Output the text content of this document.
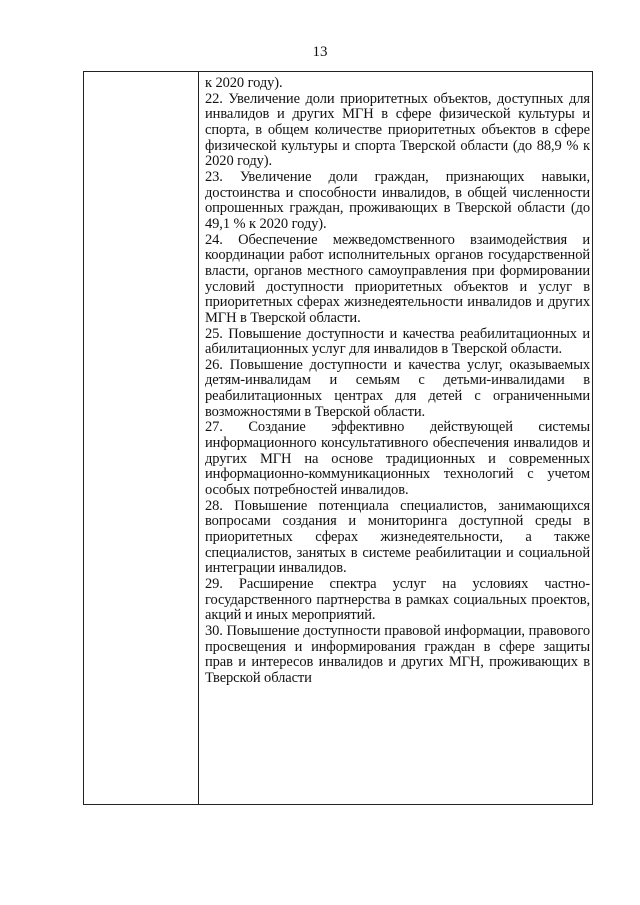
13

к 2020 году).

22. Увеличение доли приоритетных объектов, доступных для инвалидов и других МГН в сфере физической культуры и спорта, в общем количестве приоритетных объектов в сфере физической культуры и спорта Тверской области (до 88,9 % к 2020 году).

23. Увеличение доли граждан, признающих навыки, достоинства и способности инвалидов, в общей численности опрошенных граждан, проживающих в Тверской области (до 49,1 % к 2020 году).

24. Обеспечение межведомственного взаимодействия и координации работ исполнительных органов государственной власти, органов местного самоуправления при формировании условий доступности приоритетных объектов и услуг в приоритетных сферах жизнедеятельности инвалидов и других МГН в Тверской области.

25. Повышение доступности и качества реабилитационных и абилитационных услуг для инвалидов в Тверской области.

26. Повышение доступности и качества услуг, оказываемых детям-инвалидам и семьям с детьми-инвалидами в реабилитационных центрах для детей с ограниченными возможностями в Тверской области.

27. Создание эффективно действующей системы информационного консультативного обеспечения инвалидов и других МГН на основе традиционных и современных информационно-коммуникационных технологий с учетом особых потребностей инвалидов.

28. Повышение потенциала специалистов, занимающихся вопросами создания и мониторинга доступной среды в приоритетных сферах жизнедеятельности, а также специалистов, занятых в системе реабилитации и социальной интеграции инвалидов.

29. Расширение спектра услуг на условиях частно-государственного партнерства в рамках социальных проектов, акций и иных мероприятий.

30. Повышение доступности правовой информации, правового просвещения и информирования граждан в сфере защиты прав и интересов инвалидов и других МГН, проживающих в Тверской области
